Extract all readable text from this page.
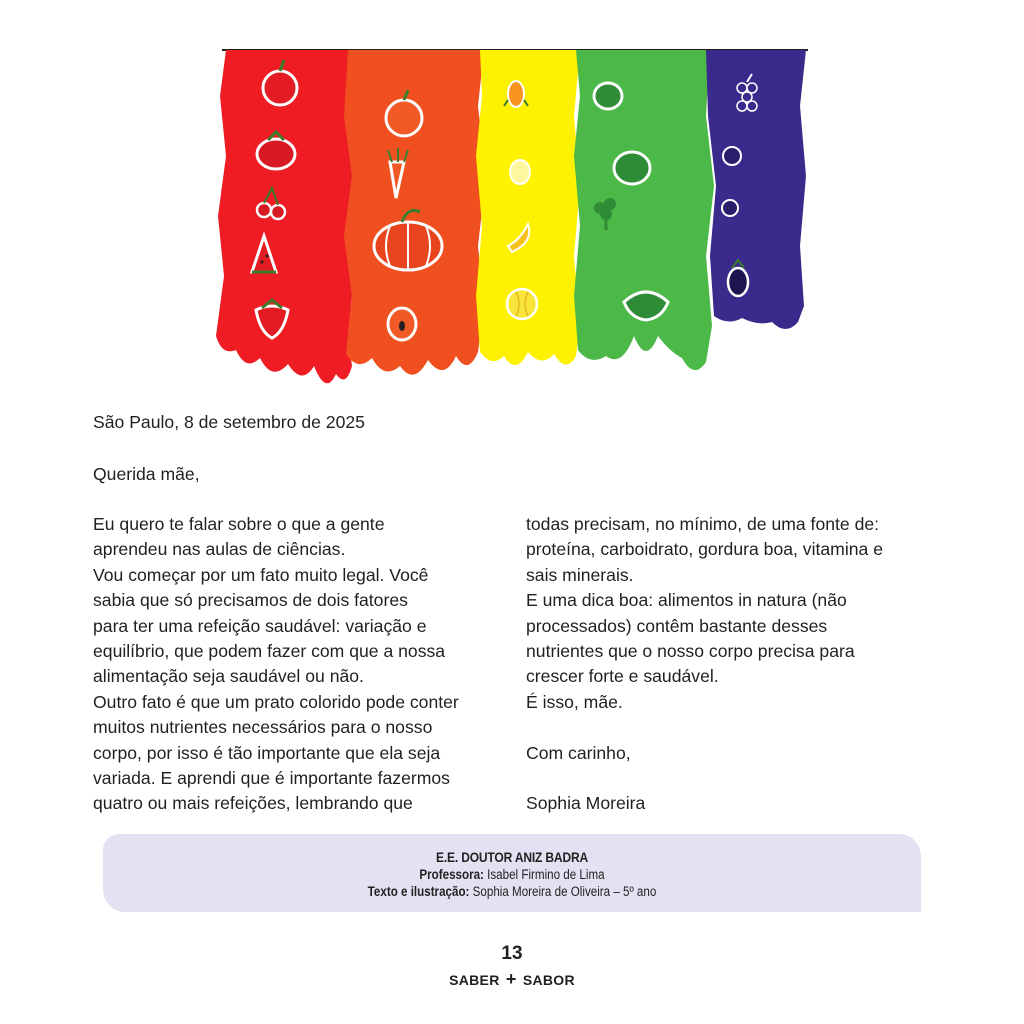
São Paulo, 8 de setembro de 2025
Querida mãe,
Eu quero te falar sobre o que a gente
aprendeu nas aulas de ciências.
Vou começar por um fato muito legal. Você
sabia que só precisamos de dois fatores
para ter uma refeição saudável: variação e
equilíbrio, que podem fazer com que a nossa
alimentação seja saudável ou não.
Outro fato é que um prato colorido pode conter
muitos nutrientes necessários para o nosso
corpo, por isso é tão importante que ela seja
variada. E aprendi que é importante fazermos
quatro ou mais refeições, lembrando que
todas precisam, no mínimo, de uma fonte de:
proteína, carboidrato, gordura boa, vitamina e
sais minerais.
E uma dica boa: alimentos in natura (não
processados) contêm bastante desses
nutrientes que o nosso corpo precisa para
crescer forte e saudável.
É isso, mãe.
Com carinho,
Sophia Moreira
E.E. DOUTOR ANIZ BADRA
Professora: Isabel Firmino de Lima
Texto e ilustração: Sophia Moreira de Oliveira – 5º ano
13
SABER + SABOR
